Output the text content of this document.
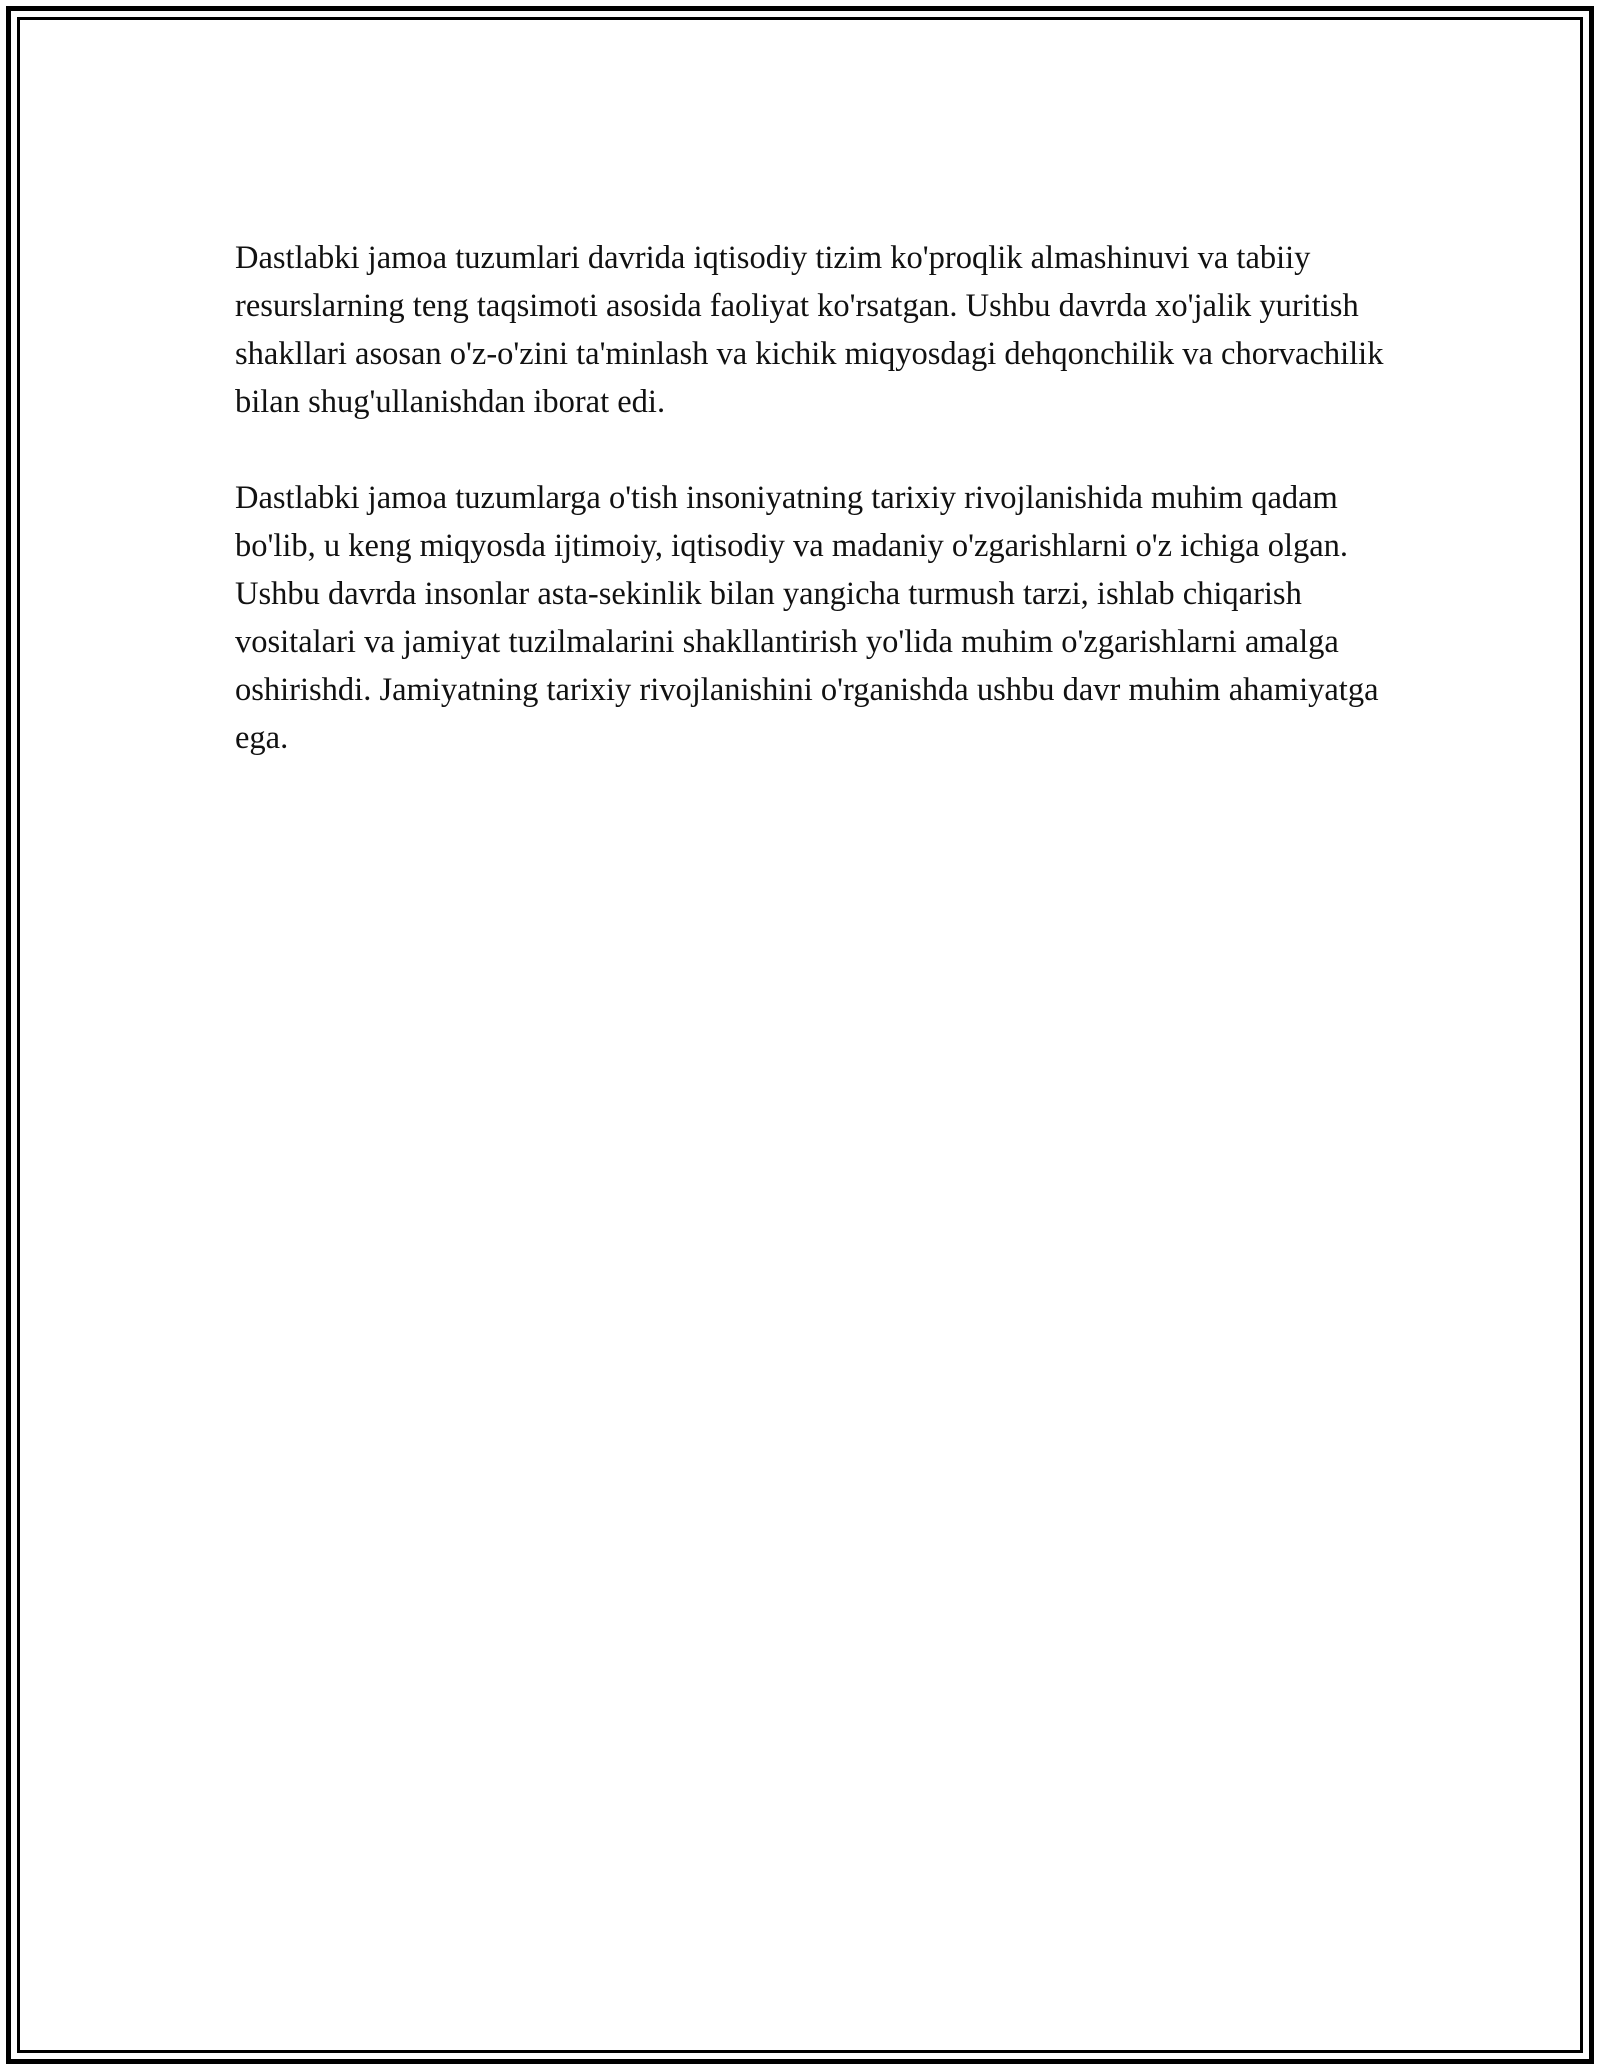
Dastlabki jamoa tuzumlari davrida iqtisodiy tizim ko'proqlik almashinuvi va tabiiy resurslarning teng taqsimoti asosida faoliyat ko'rsatgan. Ushbu davrda xo'jalik yuritish shakllari asosan o'z-o'zini ta'minlash va kichik miqyosdagi dehqonchilik va chorvachilik bilan shug'ullanishdan iborat edi.

Dastlabki jamoa tuzumlarga o'tish insoniyatning tarixiy rivojlanishida muhim qadam bo'lib, u keng miqyosda ijtimoiy, iqtisodiy va madaniy o'zgarishlarni o'z ichiga olgan. Ushbu davrda insonlar asta-sekinlik bilan yangicha turmush tarzi, ishlab chiqarish vositalari va jamiyat tuzilmalarini shakllantirish yo'lida muhim o'zgarishlarni amalga oshirishdi. Jamiyatning tarixiy rivojlanishini o'rganishda ushbu davr muhim ahamiyatga ega.
